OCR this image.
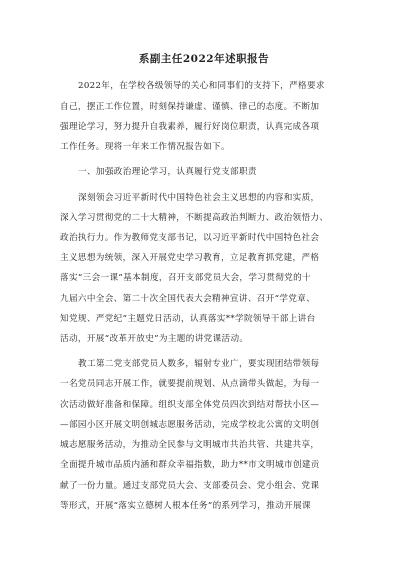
系副主任2022年述职报告
2022年，在学校各级领导的关心和同事们的支持下，严格要求
自己，摆正工作位置，时刻保持谦虚、谨慎、律己的态度。不断加
强理论学习，努力提升自我素养，履行好岗位职责，认真完成各项
工作任务。现将一年来工作情况报告如下。
一、加强政治理论学习，认真履行党支部职责
深刻领会习近平新时代中国特色社会主义思想的内容和实质，
深入学习贯彻党的二十大精神，不断提高政治判断力、政治领悟力、
政治执行力。作为教师党支部书记，以习近平新时代中国特色社会
主义思想为统领，深入开展党史学习教育，立足教育抓党建，严格
落实“三会一课”基本制度，召开支部党员大会，学习贯彻党的十
九届六中全会、第二十次全国代表大会精神宣讲、召开“学党章、
知党规、严党纪”主题党日活动，认真落实**学院领导干部上讲台
活动，开展“改革开放史”为主题的讲党课活动。
教工第二党支部党员人数多，辐射专业广，要实现团结带领每
一名党员同志开展工作，就要提前规划、从点滴带头做起，为每一
次活动做好准备和保障。组织支部全体党员四次到结对帮扶小区—
—部园小区开展文明创城志愿服务活动，完成学校北公寓的文明创
城志愿服务活动，为推动全民参与文明城市共治共管、共建共享，
全面提升城市品质内涵和群众幸福指数，助力**市文明城市创建贡
献了一份力量。通过支部党员大会、支部委员会、党小组会、党课
等形式，开展“落实立德树人根本任务”的系列学习，推动开展课
